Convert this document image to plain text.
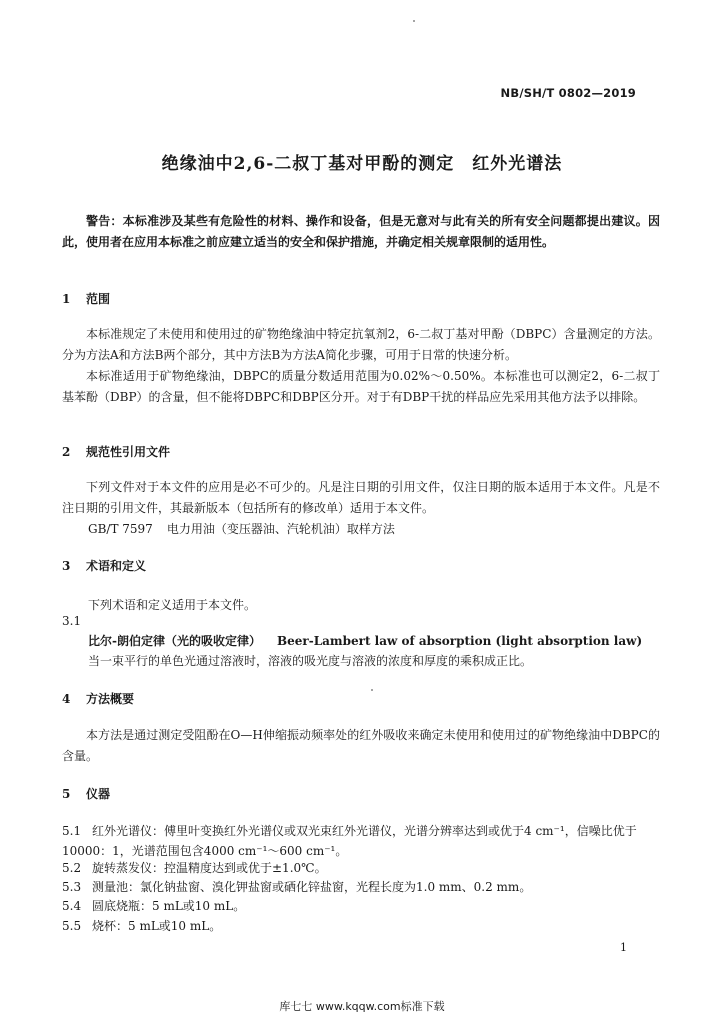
NB/SH/T 0802—2019
绝缘油中2,6-二叔丁基对甲酚的测定　红外光谱法
警告：本标准涉及某些有危险性的材料、操作和设备，但是无意对与此有关的所有安全问题都提出建议。因此，使用者在应用本标准之前应建立适当的安全和保护措施，并确定相关规章限制的适用性。
1 范围
本标准规定了未使用和使用过的矿物绝缘油中特定抗氧剂2，6-二叔丁基对甲酚（DBPC）含量测定的方法。分为方法A和方法B两个部分，其中方法B为方法A简化步骤，可用于日常的快速分析。
本标准适用于矿物绝缘油，DBPC的质量分数适用范围为0.02%～0.50%。本标准也可以测定2，6-二叔丁基苯酚（DBP）的含量，但不能将DBPC和DBP区分开。对于有DBP干扰的样品应先采用其他方法予以排除。
2 规范性引用文件
下列文件对于本文件的应用是必不可少的。凡是注日期的引用文件，仅注日期的版本适用于本文件。凡是不注日期的引用文件，其最新版本（包括所有的修改单）适用于本文件。
GB/T 7597 电力用油（变压器油、汽轮机油）取样方法
3 术语和定义
下列术语和定义适用于本文件。
3.1
比尔-朗伯定律（光的吸收定律） Beer-Lambert law of absorption (light absorption law)
当一束平行的单色光通过溶液时，溶液的吸光度与溶液的浓度和厚度的乘积成正比。
4 方法概要
本方法是通过测定受阻酚在O—H伸缩振动频率处的红外吸收来确定未使用和使用过的矿物绝缘油中DBPC的含量。
5 仪器
5.1 红外光谱仪：傅里叶变换红外光谱仪或双光束红外光谱仪，光谱分辨率达到或优于4 cm⁻¹，信噪比优于10000：1，光谱范围包含4000 cm⁻¹～600 cm⁻¹。
5.2 旋转蒸发仪：控温精度达到或优于±1.0℃。
5.3 测量池：氯化钠盐窗、溴化钾盐窗或硒化锌盐窗，光程长度为1.0 mm、0.2 mm。
5.4 圆底烧瓶：5 mL或10 mL。
5.5 烧杯：5 mL或10 mL。
1
库七七 www.kqqw.com标准下载
